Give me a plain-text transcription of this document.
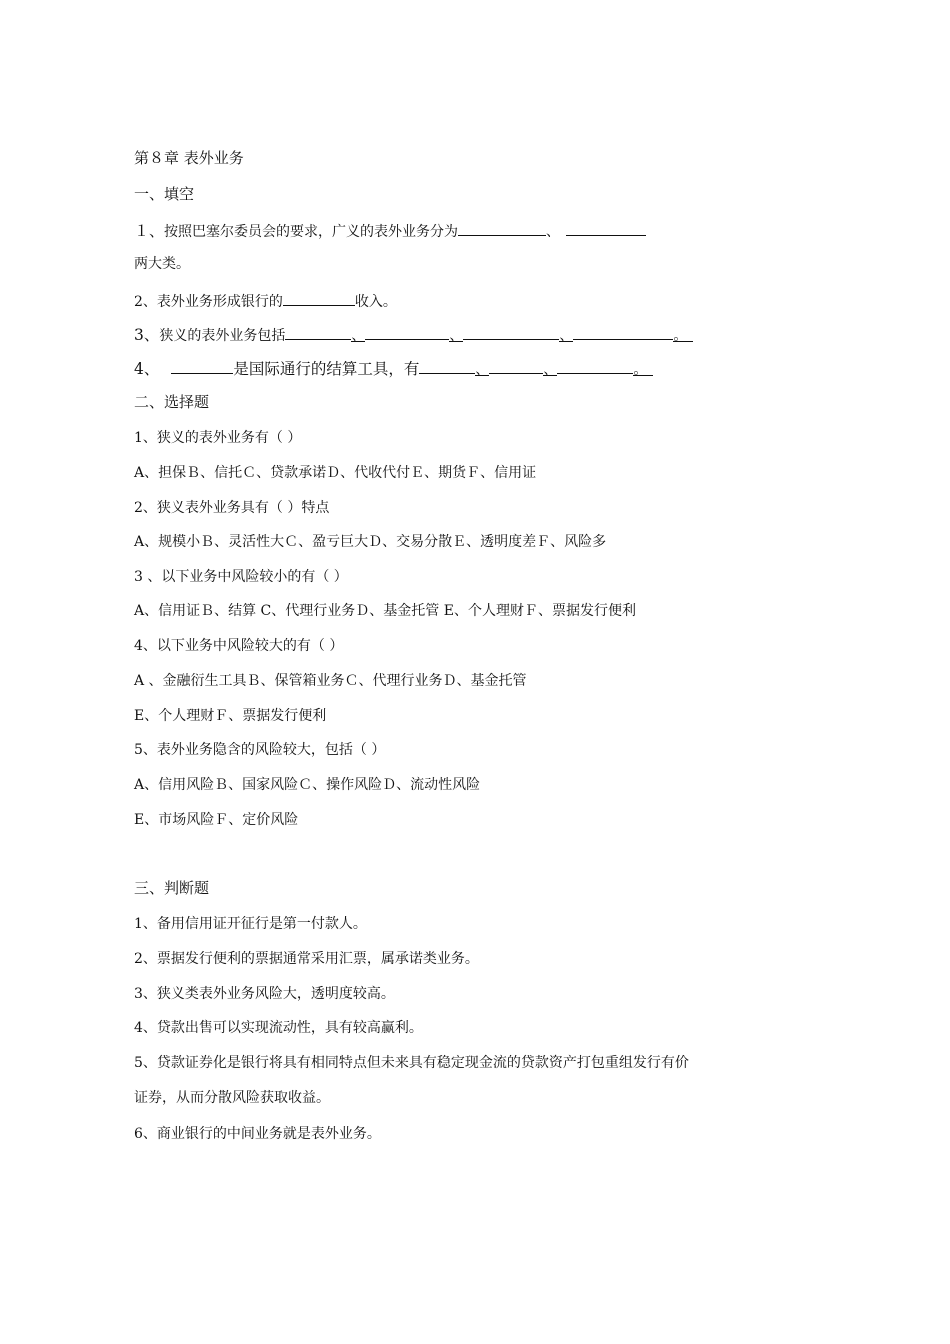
第８章 表外业务
一、填空
１、按照巴塞尔委员会的要求，广义的表外业务分为	、
两大类。
2、表外业务形成银行的	收入。
3、狭义的表外业务包括	、	、	、	。
4、	是国际通行的结算工具，有	、	、	。
二、选择题
1、狭义的表外业务有（ ）
A、担保Ｂ、信托Ｃ、贷款承诺Ｄ、代收代付Ｅ、期货Ｆ、信用证
2、狭义表外业务具有（ ）特点
A、规模小Ｂ、灵活性大Ｃ、盈亏巨大Ｄ、交易分散Ｅ、透明度差Ｆ、风险多
3 、以下业务中风险较小的有（ ）
A、信用证Ｂ、结算 C、代理行业务Ｄ、基金托管 E、个人理财Ｆ、票据发行便利
4、以下业务中风险较大的有（ ）
A 、金融衍生工具Ｂ、保管箱业务Ｃ、代理行业务Ｄ、基金托管
E、个人理财Ｆ、票据发行便利
5、表外业务隐含的风险较大，包括（ ）
A、信用风险Ｂ、国家风险Ｃ、操作风险Ｄ、流动性风险
E、市场风险Ｆ、定价风险
三、判断题
1、备用信用证开征行是第一付款人。
2、票据发行便利的票据通常采用汇票，属承诺类业务。
3、狭义类表外业务风险大，透明度较高。
4、贷款出售可以实现流动性，具有较高赢利。
5、贷款证券化是银行将具有相同特点但未来具有稳定现金流的贷款资产打包重组发行有价
证券，从而分散风险获取收益。
6、商业银行的中间业务就是表外业务。
